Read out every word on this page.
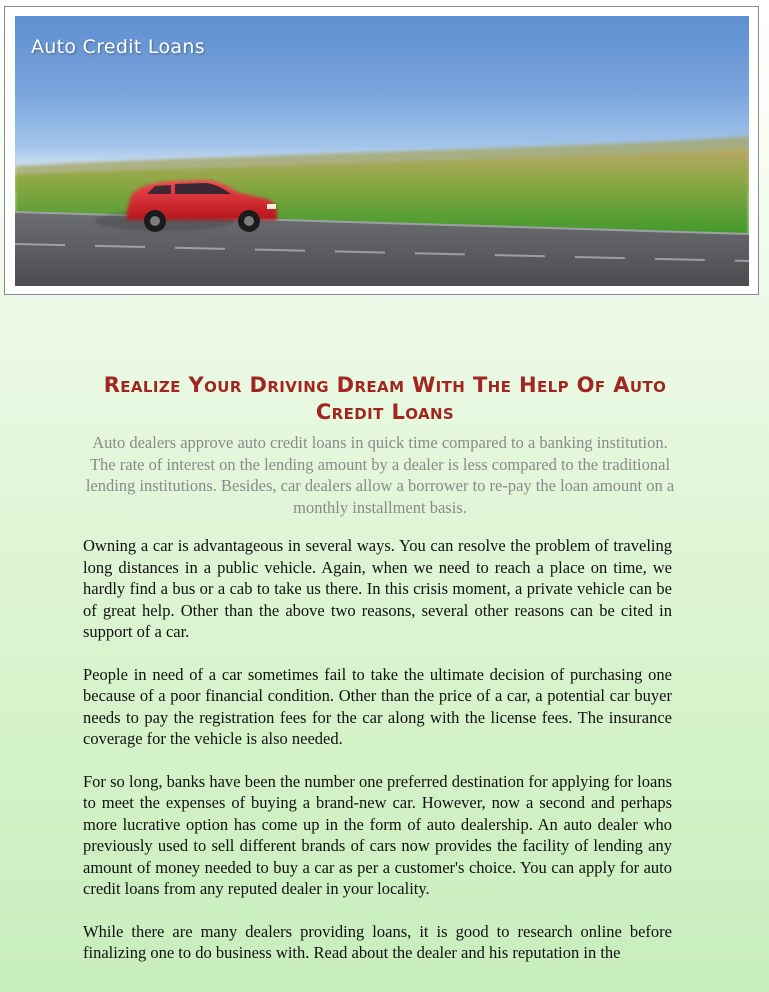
Auto Credit Loans
Realize Your Driving Dream With The Help Of Auto
Credit Loans

Auto dealers approve auto credit loans in quick time compared to a banking institution. The rate of interest on the lending amount by a dealer is less compared to the traditional lending institutions. Besides, car dealers allow a borrower to re-pay the loan amount on a monthly installment basis.

Owning a car is advantageous in several ways. You can resolve the problem of traveling long distances in a public vehicle. Again, when we need to reach a place on time, we hardly find a bus or a cab to take us there. In this crisis moment, a private vehicle can be of great help. Other than the above two reasons, several other reasons can be cited in support of a car.

People in need of a car sometimes fail to take the ultimate decision of purchasing one because of a poor financial condition. Other than the price of a car, a potential car buyer needs to pay the registration fees for the car along with the license fees. The insurance coverage for the vehicle is also needed.

For so long, banks have been the number one preferred destination for applying for loans to meet the expenses of buying a brand-new car. However, now a second and perhaps more lucrative option has come up in the form of auto dealership. An auto dealer who previously used to sell different brands of cars now provides the facility of lending any amount of money needed to buy a car as per a customer's choice. You can apply for auto credit loans from any reputed dealer in your locality.

While there are many dealers providing loans, it is good to research online before finalizing one to do business with. Read about the dealer and his reputation in the
